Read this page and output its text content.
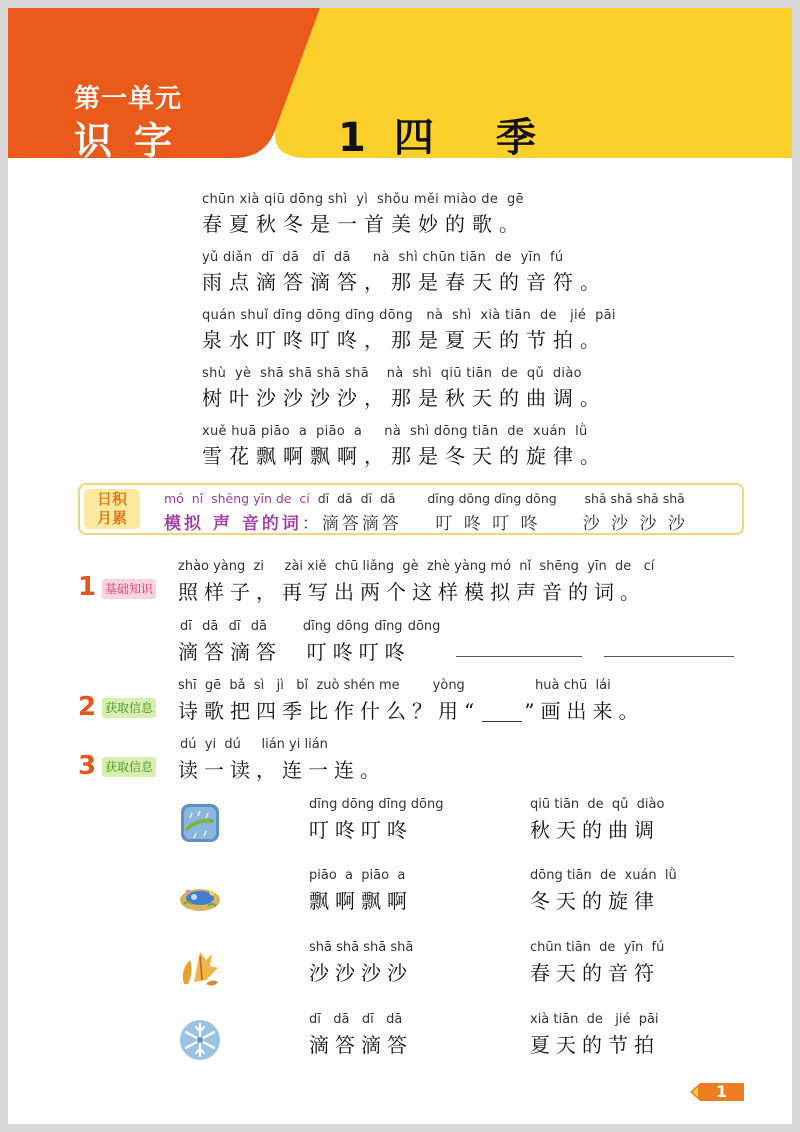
第一单元
识字	1 四 季
chūn xià qiū dōng shì  yì  shǒu měi miào de  gē
春夏秋冬是一首美妙的歌。
yǔ diǎn  dī  dā   dī  dā     nà  shì chūn tiān  de  yīn  fú
雨点滴答滴答，那是春天的音符。
quán shuǐ dīng dōng dīng dōng   nà  shì  xià tiān  de   jié  pāi
泉水叮咚叮咚，那是夏天的节拍。
shù  yè  shā shā shā shā    nà  shì  qiū tiān  de  qǔ  diào
树叶沙沙沙沙，那是秋天的曲调。
xuě huā piāo  a  piāo  a     nà  shì dōng tiān  de  xuán  lǜ
雪花飘啊飘啊，那是冬天的旋律。
日积
月累
mó  nǐ  shēng yīn de  cí  dī  dā  dī  dā        dīng dōng dīng dōng       shā shā shā shā
模拟 声 音的词：滴答滴答    叮 咚 叮 咚     沙 沙 沙 沙
zhào yàng  zi     zài xiě  chū liǎng  gè  zhè yàng mó  nǐ  shēng  yīn  de   cí
1 基础知识 照样子，再写出两个这样模拟声音的词。
dī  dā  dī  dā       dīng dōng dīng dōng
滴答滴答  叮咚叮咚
shī  gē  bǎ  sì   jì   bǐ  zuò shén me        yòng                 huà chū  lái
2 获取信息 诗歌把四季比作什么？用“ ”画出来。
dú  yi  dú     lián yi lián
3 获取信息 读一读，连一连。
dīng dōng dīng dōng
叮咚叮咚
piāo  a  piāo  a
飘啊飘啊
shā shā shā shā
沙沙沙沙
dī   dā   dī   dā
滴答滴答
qiū tiān  de  qǔ  diào
秋天的曲调
dōng tiān  de  xuán  lǜ
冬天的旋律
chūn tiān  de  yīn  fú
春天的音符
xià tiān  de   jié  pāi
夏天的节拍
1
